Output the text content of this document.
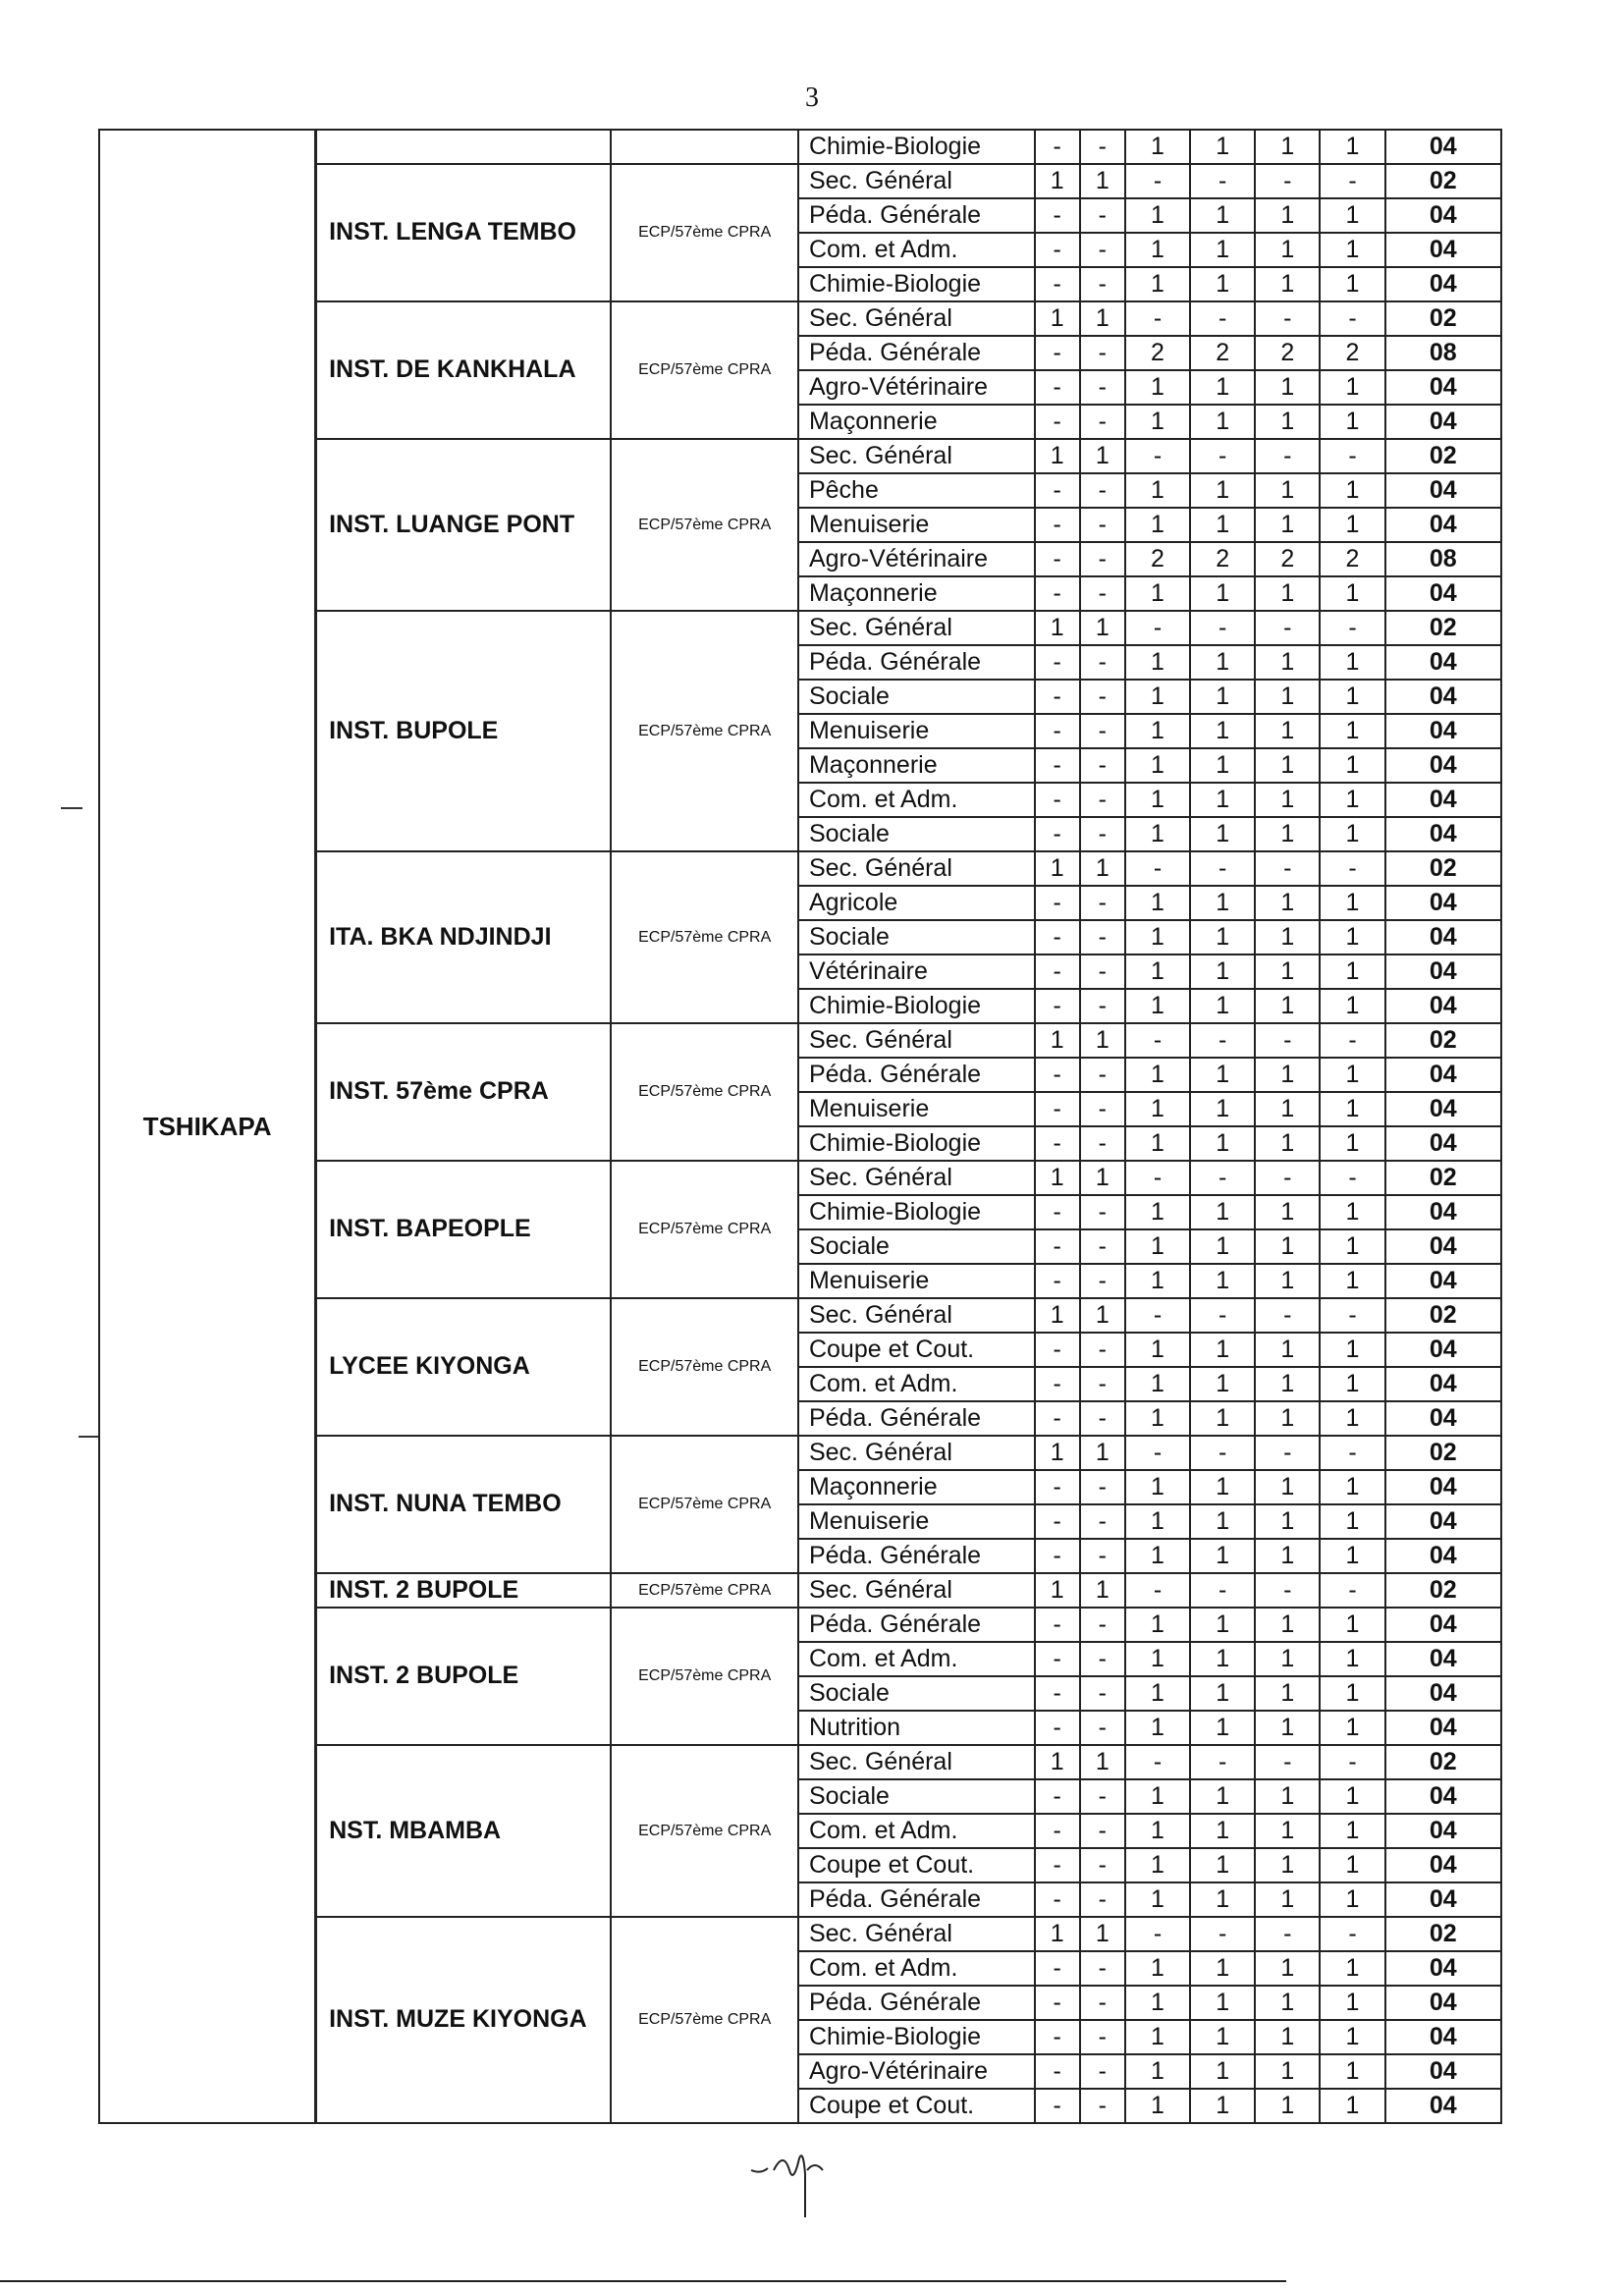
3
TSHIKAPA			Chimie-Biologie	-	-	1	1	1	1	04
	INST. LENGA TEMBO	ECP/57ème CPRA	Sec. Général	1	1	-	-	-	-	02
			Péda. Générale	-	-	1	1	1	1	04
			Com. et Adm.	-	-	1	1	1	1	04
			Chimie-Biologie	-	-	1	1	1	1	04
	INST. DE KANKHALA	ECP/57ème CPRA	Sec. Général	1	1	-	-	-	-	02
			Péda. Générale	-	-	2	2	2	2	08
			Agro-Vétérinaire	-	-	1	1	1	1	04
			Maçonnerie	-	-	1	1	1	1	04
	INST. LUANGE PONT	ECP/57ème CPRA	Sec. Général	1	1	-	-	-	-	02
			Pêche	-	-	1	1	1	1	04
			Menuiserie	-	-	1	1	1	1	04
			Agro-Vétérinaire	-	-	2	2	2	2	08
			Maçonnerie	-	-	1	1	1	1	04
	INST. BUPOLE	ECP/57ème CPRA	Sec. Général	1	1	-	-	-	-	02
			Péda. Générale	-	-	1	1	1	1	04
			Sociale	-	-	1	1	1	1	04
			Menuiserie	-	-	1	1	1	1	04
			Maçonnerie	-	-	1	1	1	1	04
			Com. et Adm.	-	-	1	1	1	1	04
			Sociale	-	-	1	1	1	1	04
	ITA. BKA NDJINDJI	ECP/57ème CPRA	Sec. Général	1	1	-	-	-	-	02
			Agricole	-	-	1	1	1	1	04
			Sociale	-	-	1	1	1	1	04
			Vétérinaire	-	-	1	1	1	1	04
			Chimie-Biologie	-	-	1	1	1	1	04
	INST. 57ème CPRA	ECP/57ème CPRA	Sec. Général	1	1	-	-	-	-	02
			Péda. Générale	-	-	1	1	1	1	04
			Menuiserie	-	-	1	1	1	1	04
			Chimie-Biologie	-	-	1	1	1	1	04
	INST. BAPEOPLE	ECP/57ème CPRA	Sec. Général	1	1	-	-	-	-	02
			Chimie-Biologie	-	-	1	1	1	1	04
			Sociale	-	-	1	1	1	1	04
			Menuiserie	-	-	1	1	1	1	04
	LYCEE KIYONGA	ECP/57ème CPRA	Sec. Général	1	1	-	-	-	-	02
			Coupe et Cout.	-	-	1	1	1	1	04
			Com. et Adm.	-	-	1	1	1	1	04
			Péda. Générale	-	-	1	1	1	1	04
	INST. NUNA TEMBO	ECP/57ème CPRA	Sec. Général	1	1	-	-	-	-	02
			Maçonnerie	-	-	1	1	1	1	04
			Menuiserie	-	-	1	1	1	1	04
			Péda. Générale	-	-	1	1	1	1	04
	INST. 2 BUPOLE	ECP/57ème CPRA	Sec. Général	1	1	-	-	-	-	02
	INST. 2 BUPOLE	ECP/57ème CPRA	Péda. Générale	-	-	1	1	1	1	04
			Com. et Adm.	-	-	1	1	1	1	04
			Sociale	-	-	1	1	1	1	04
			Nutrition	-	-	1	1	1	1	04
	NST. MBAMBA	ECP/57ème CPRA	Sec. Général	1	1	-	-	-	-	02
			Sociale	-	-	1	1	1	1	04
			Com. et Adm.	-	-	1	1	1	1	04
			Coupe et Cout.	-	-	1	1	1	1	04
			Péda. Générale	-	-	1	1	1	1	04
	INST. MUZE KIYONGA	ECP/57ème CPRA	Sec. Général	1	1	-	-	-	-	02
			Com. et Adm.	-	-	1	1	1	1	04
			Péda. Générale	-	-	1	1	1	1	04
			Chimie-Biologie	-	-	1	1	1	1	04
			Agro-Vétérinaire	-	-	1	1	1	1	04
			Coupe et Cout.	-	-	1	1	1	1	04
